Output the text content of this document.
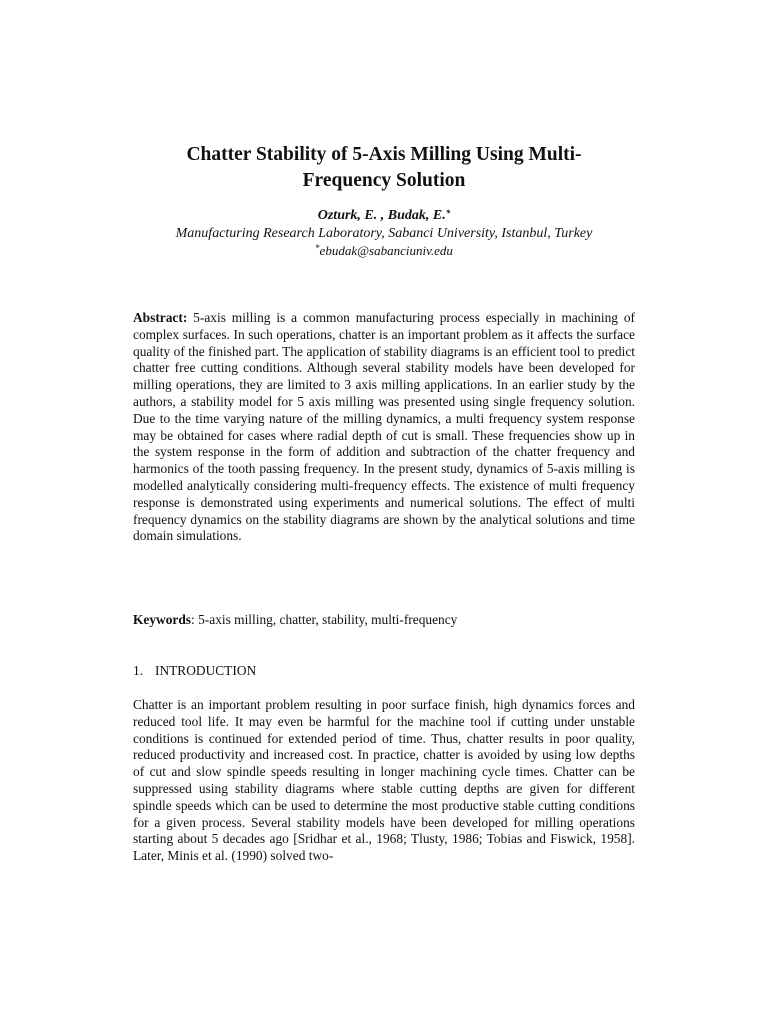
Chatter Stability of 5-Axis Milling Using Multi-
Frequency Solution
Ozturk, E. , Budak, E.*
Manufacturing Research Laboratory, Sabanci University, Istanbul, Turkey
*ebudak@sabanciuniv.edu

Abstract: 5-axis milling is a common manufacturing process especially in machining of complex surfaces. In such operations, chatter is an important problem as it affects the surface quality of the finished part. The application of stability diagrams is an efficient tool to predict chatter free cutting conditions. Although several stability models have been developed for milling operations, they are limited to 3 axis milling applications. In an earlier study by the authors, a stability model for 5 axis milling was presented using single frequency solution. Due to the time varying nature of the milling dynamics, a multi frequency system response may be obtained for cases where radial depth of cut is small. These frequencies show up in the system response in the form of addition and subtraction of the chatter frequency and harmonics of the tooth passing frequency. In the present study, dynamics of 5-axis milling is modelled analytically considering multi-frequency effects. The existence of multi frequency response is demonstrated using experiments and numerical solutions. The effect of multi frequency dynamics on the stability diagrams are shown by the analytical solutions and time domain simulations.

Keywords: 5-axis milling, chatter, stability, multi-frequency

1. INTRODUCTION

Chatter is an important problem resulting in poor surface finish, high dynamics forces and reduced tool life. It may even be harmful for the machine tool if cutting under unstable conditions is continued for extended period of time. Thus, chatter results in poor quality, reduced productivity and increased cost. In practice, chatter is avoided by using low depths of cut and slow spindle speeds resulting in longer machining cycle times. Chatter can be suppressed using stability diagrams where stable cutting depths are given for different spindle speeds which can be used to determine the most productive stable cutting conditions for a given process. Several stability models have been developed for milling operations starting about 5 decades ago [Sridhar et al., 1968; Tlusty, 1986; Tobias and Fiswick, 1958]. Later, Minis et al. (1990) solved two-
